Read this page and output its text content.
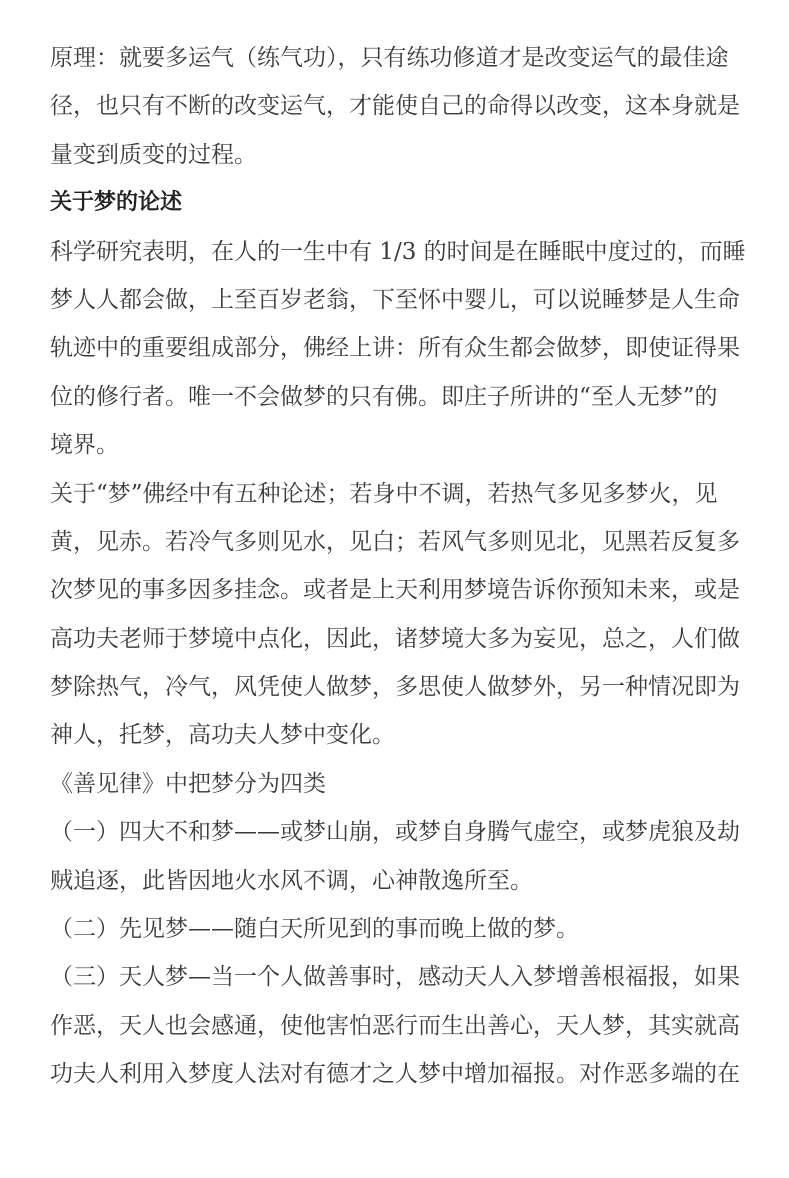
原理：就要多运气（练气功），只有练功修道才是改变运气的最佳途
径，也只有不断的改变运气，才能使自己的命得以改变，这本身就是
量变到质变的过程。
关于梦的论述
科学研究表明，在人的一生中有 1/3 的时间是在睡眠中度过的，而睡
梦人人都会做，上至百岁老翁，下至怀中婴儿，可以说睡梦是人生命
轨迹中的重要组成部分，佛经上讲：所有众生都会做梦，即使证得果
位的修行者。唯一不会做梦的只有佛。即庄子所讲的“至人无梦”的
境界。
关于“梦”佛经中有五种论述；若身中不调，若热气多见多梦火，见
黄，见赤。若冷气多则见水，见白；若风气多则见北，见黑若反复多
次梦见的事多因多挂念。或者是上天利用梦境告诉你预知未来，或是
高功夫老师于梦境中点化，因此，诸梦境大多为妄见，总之，人们做
梦除热气，冷气，风凭使人做梦，多思使人做梦外，另一种情况即为
神人，托梦，高功夫人梦中变化。
《善见律》中把梦分为四类
（一）四大不和梦——或梦山崩，或梦自身腾气虚空，或梦虎狼及劫
贼追逐，此皆因地火水风不调，心神散逸所至。
（二）先见梦——随白天所见到的事而晚上做的梦。
（三）天人梦—当一个人做善事时，感动天人入梦增善根福报，如果
作恶，天人也会感通，使他害怕恶行而生出善心，天人梦，其实就高
功夫人利用入梦度人法对有德才之人梦中增加福报。对作恶多端的在
